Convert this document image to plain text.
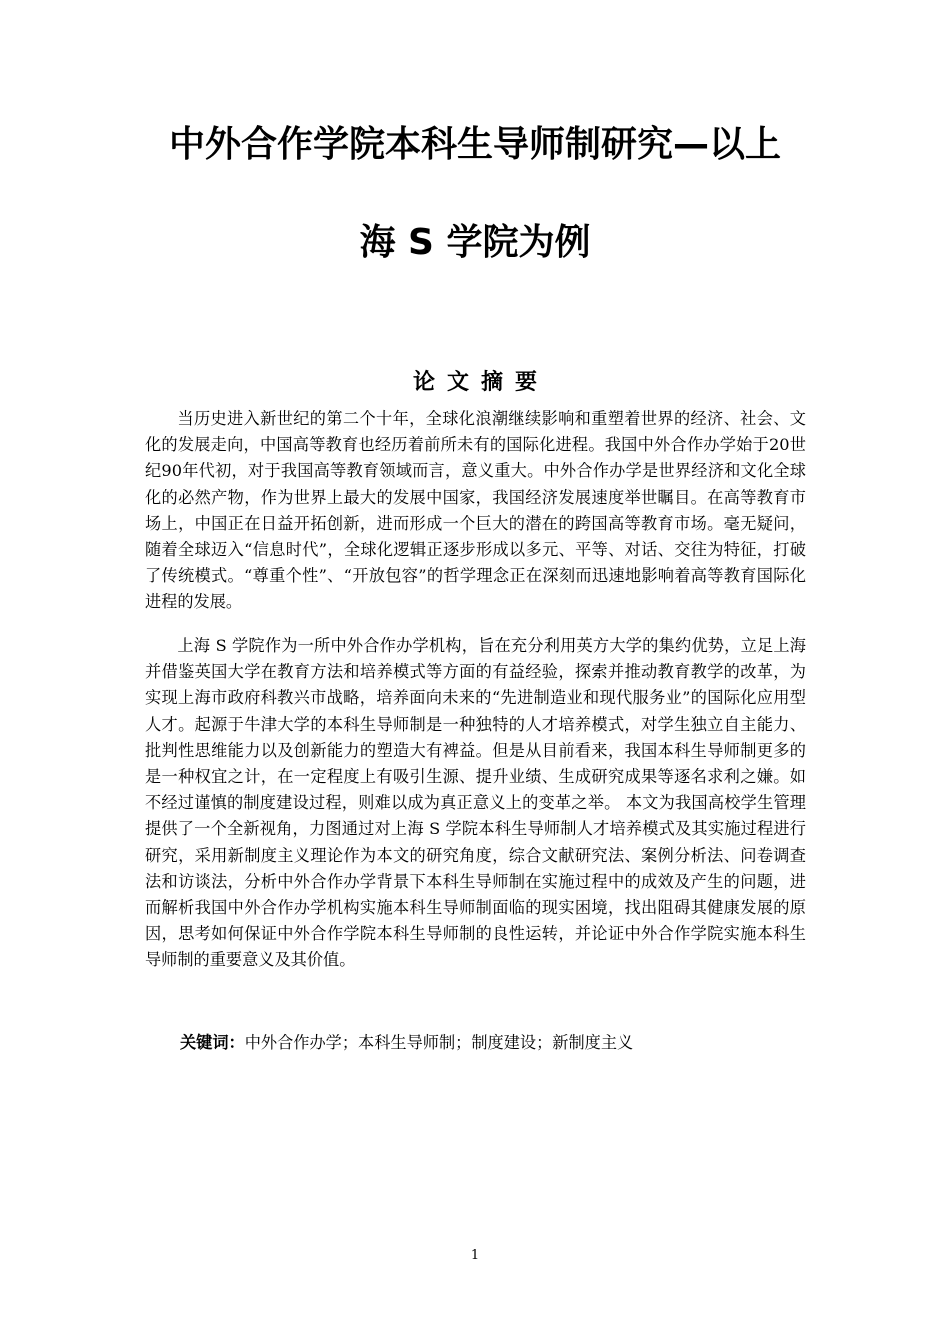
中外合作学院本科生导师制研究—以上
海 S 学院为例
论文摘要

当历史进入新世纪的第二个十年，全球化浪潮继续影响和重塑着世界的经济、社会、文化的发展走向，中国高等教育也经历着前所未有的国际化进程。我国中外合作办学始于20世纪90年代初，对于我国高等教育领域而言，意义重大。中外合作办学是世界经济和文化全球化的必然产物，作为世界上最大的发展中国家，我国经济发展速度举世瞩目。在高等教育市场上，中国正在日益开拓创新，进而形成一个巨大的潜在的跨国高等教育市场。毫无疑问，随着全球迈入“信息时代”，全球化逻辑正逐步形成以多元、平等、对话、交往为特征，打破了传统模式。“尊重个性”、“开放包容”的哲学理念正在深刻而迅速地影响着高等教育国际化进程的发展。

上海 S 学院作为一所中外合作办学机构，旨在充分利用英方大学的集约优势，立足上海并借鉴英国大学在教育方法和培养模式等方面的有益经验，探索并推动教育教学的改革，为实现上海市政府科教兴市战略，培养面向未来的“先进制造业和现代服务业”的国际化应用型人才。起源于牛津大学的本科生导师制是一种独特的人才培养模式，对学生独立自主能力、批判性思维能力以及创新能力的塑造大有裨益。但是从目前看来，我国本科生导师制更多的是一种权宜之计，在一定程度上有吸引生源、提升业绩、生成研究成果等逐名求利之嫌。如不经过谨慎的制度建设过程，则难以成为真正意义上的变革之举。 本文为我国高校学生管理提供了一个全新视角，力图通过对上海 S 学院本科生导师制人才培养模式及其实施过程进行研究，采用新制度主义理论作为本文的研究角度，综合文献研究法、案例分析法、问卷调查法和访谈法，分析中外合作办学背景下本科生导师制在实施过程中的成效及产生的问题，进而解析我国中外合作办学机构实施本科生导师制面临的现实困境，找出阻碍其健康发展的原因，思考如何保证中外合作学院本科生导师制的良性运转，并论证中外合作学院实施本科生导师制的重要意义及其价值。

关键词：中外合作办学；本科生导师制；制度建设；新制度主义
1
